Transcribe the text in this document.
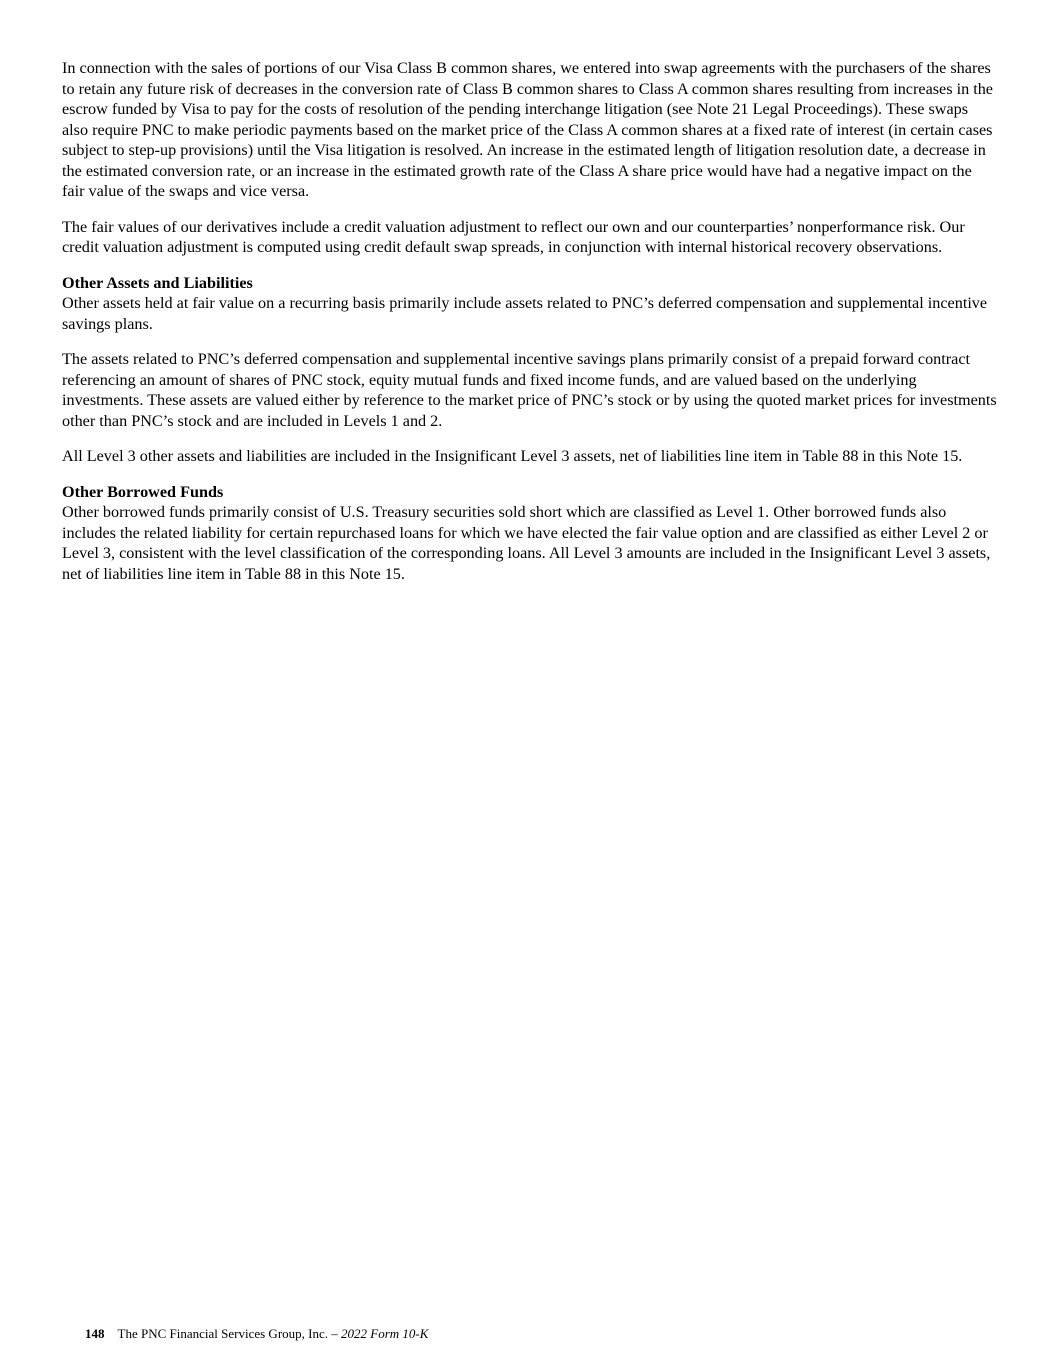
In connection with the sales of portions of our Visa Class B common shares, we entered into swap agreements with the purchasers of the shares to retain any future risk of decreases in the conversion rate of Class B common shares to Class A common shares resulting from increases in the escrow funded by Visa to pay for the costs of resolution of the pending interchange litigation (see Note 21 Legal Proceedings). These swaps also require PNC to make periodic payments based on the market price of the Class A common shares at a fixed rate of interest (in certain cases subject to step-up provisions) until the Visa litigation is resolved. An increase in the estimated length of litigation resolution date, a decrease in the estimated conversion rate, or an increase in the estimated growth rate of the Class A share price would have had a negative impact on the fair value of the swaps and vice versa.

The fair values of our derivatives include a credit valuation adjustment to reflect our own and our counterparties’ nonperformance risk. Our credit valuation adjustment is computed using credit default swap spreads, in conjunction with internal historical recovery observations.

Other Assets and Liabilities
Other assets held at fair value on a recurring basis primarily include assets related to PNC’s deferred compensation and supplemental incentive savings plans.

The assets related to PNC’s deferred compensation and supplemental incentive savings plans primarily consist of a prepaid forward contract referencing an amount of shares of PNC stock, equity mutual funds and fixed income funds, and are valued based on the underlying investments. These assets are valued either by reference to the market price of PNC’s stock or by using the quoted market prices for investments other than PNC’s stock and are included in Levels 1 and 2.

All Level 3 other assets and liabilities are included in the Insignificant Level 3 assets, net of liabilities line item in Table 88 in this Note 15.

Other Borrowed Funds
Other borrowed funds primarily consist of U.S. Treasury securities sold short which are classified as Level 1. Other borrowed funds also includes the related liability for certain repurchased loans for which we have elected the fair value option and are classified as either Level 2 or Level 3, consistent with the level classification of the corresponding loans. All Level 3 amounts are included in the Insignificant Level 3 assets, net of liabilities line item in Table 88 in this Note 15.

148 The PNC Financial Services Group, Inc. – 2022 Form 10-K
